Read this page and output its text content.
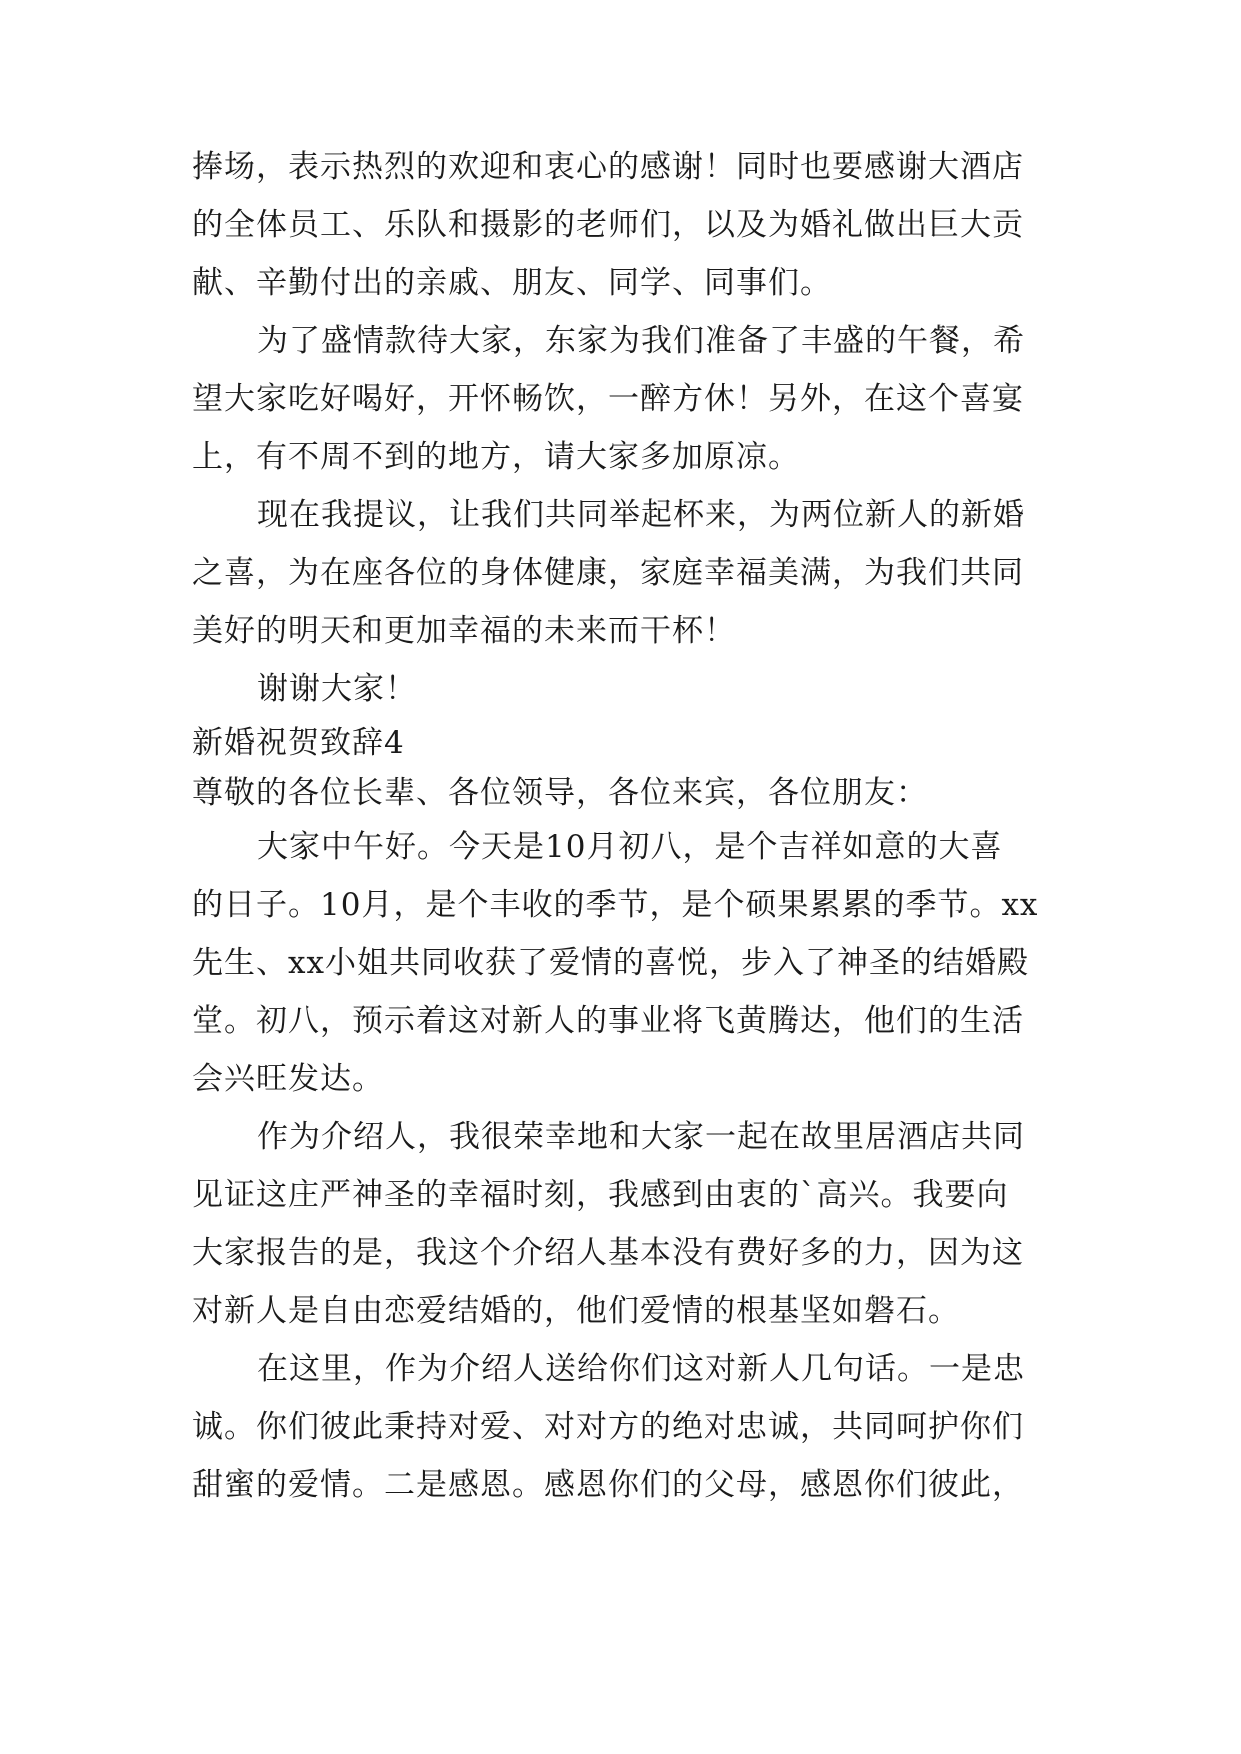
捧场，表示热烈的欢迎和衷心的感谢！同时也要感谢大酒店
的全体员工、乐队和摄影的老师们，以及为婚礼做出巨大贡
献、辛勤付出的亲戚、朋友、同学、同事们。
为了盛情款待大家，东家为我们准备了丰盛的午餐，希
望大家吃好喝好，开怀畅饮，一醉方休！另外，在这个喜宴
上，有不周不到的地方，请大家多加原凉。
现在我提议，让我们共同举起杯来，为两位新人的新婚
之喜，为在座各位的身体健康，家庭幸福美满，为我们共同
美好的明天和更加幸福的未来而干杯！
谢谢大家！
新婚祝贺致辞4
尊敬的各位长辈、各位领导，各位来宾，各位朋友：
大家中午好。今天是10月初八，是个吉祥如意的大喜
的日子。10月，是个丰收的季节，是个硕果累累的季节。xx
先生、xx小姐共同收获了爱情的喜悦，步入了神圣的结婚殿
堂。初八，预示着这对新人的事业将飞黄腾达，他们的生活
会兴旺发达。
作为介绍人，我很荣幸地和大家一起在故里居酒店共同
见证这庄严神圣的幸福时刻，我感到由衷的`高兴。我要向
大家报告的是，我这个介绍人基本没有费好多的力，因为这
对新人是自由恋爱结婚的，他们爱情的根基坚如磐石。
在这里，作为介绍人送给你们这对新人几句话。一是忠
诚。你们彼此秉持对爱、对对方的绝对忠诚，共同呵护你们
甜蜜的爱情。二是感恩。感恩你们的父母，感恩你们彼此，
